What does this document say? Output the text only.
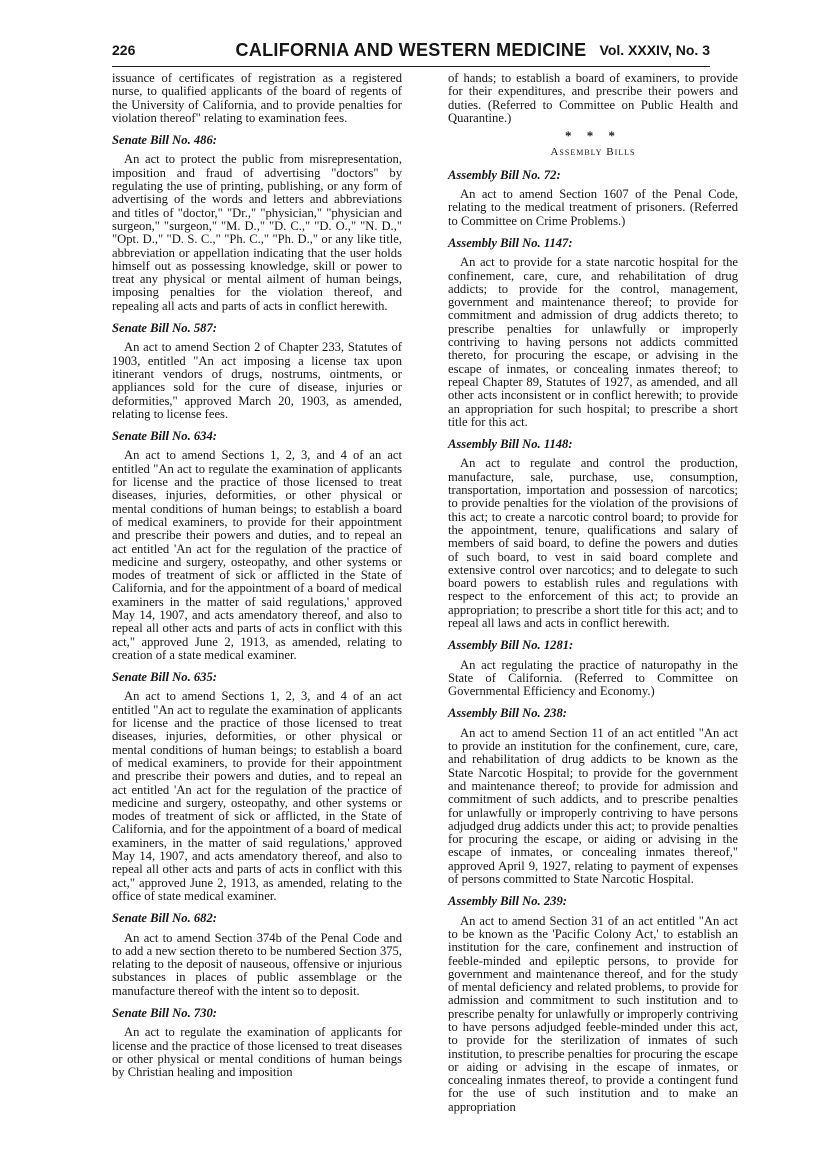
226	CALIFORNIA AND WESTERN MEDICINE Vol. XXXIV, No. 3

issuance of certificates of registration as a registered nurse, to qualified applicants of the board of regents of the University of California, and to provide penalties for violation thereof" relating to examination fees.

Senate Bill No. 486:

An act to protect the public from misrepresentation, imposition and fraud of advertising "doctors" by regulating the use of printing, publishing, or any form of advertising of the words and letters and abbreviations and titles of "doctor," "Dr.," "physician," "physician and surgeon," "surgeon," "M. D.," "D. C.," "D. O.," "N. D.," "Opt. D.," "D. S. C.," "Ph. C.," "Ph. D.," or any like title, abbreviation or appellation indicating that the user holds himself out as possessing knowledge, skill or power to treat any physical or mental ailment of human beings, imposing penalties for the violation thereof, and repealing all acts and parts of acts in conflict herewith.

Senate Bill No. 587:

An act to amend Section 2 of Chapter 233, Statutes of 1903, entitled "An act imposing a license tax upon itinerant vendors of drugs, nostrums, ointments, or appliances sold for the cure of disease, injuries or deformities," approved March 20, 1903, as amended, relating to license fees.

Senate Bill No. 634:

An act to amend Sections 1, 2, 3, and 4 of an act entitled "An act to regulate the examination of applicants for license and the practice of those licensed to treat diseases, injuries, deformities, or other physical or mental conditions of human beings; to establish a board of medical examiners, to provide for their appointment and prescribe their powers and duties, and to repeal an act entitled 'An act for the regulation of the practice of medicine and surgery, osteopathy, and other systems or modes of treatment of sick or afflicted in the State of California, and for the appointment of a board of medical examiners in the matter of said regulations,' approved May 14, 1907, and acts amendatory thereof, and also to repeal all other acts and parts of acts in conflict with this act," approved June 2, 1913, as amended, relating to creation of a state medical examiner.

Senate Bill No. 635:

An act to amend Sections 1, 2, 3, and 4 of an act entitled "An act to regulate the examination of applicants for license and the practice of those licensed to treat diseases, injuries, deformities, or other physical or mental conditions of human beings; to establish a board of medical examiners, to provide for their appointment and prescribe their powers and duties, and to repeal an act entitled 'An act for the regulation of the practice of medicine and surgery, osteopathy, and other systems or modes of treatment of sick or afflicted, in the State of California, and for the appointment of a board of medical examiners, in the matter of said regulations,' approved May 14, 1907, and acts amendatory thereof, and also to repeal all other acts and parts of acts in conflict with this act," approved June 2, 1913, as amended, relating to the office of state medical examiner.

Senate Bill No. 682:

An act to amend Section 374b of the Penal Code and to add a new section thereto to be numbered Section 375, relating to the deposit of nauseous, offensive or injurious substances in places of public assemblage or the manufacture thereof with the intent so to deposit.

Senate Bill No. 730:

An act to regulate the examination of applicants for license and the practice of those licensed to treat diseases or other physical or mental conditions of human beings by Christian healing and imposition

of hands; to establish a board of examiners, to provide for their expenditures, and prescribe their powers and duties. (Referred to Committee on Public Health and Quarantine.)

* * *
Assembly Bills
Assembly Bill No. 72:

An act to amend Section 1607 of the Penal Code, relating to the medical treatment of prisoners. (Referred to Committee on Crime Problems.)

Assembly Bill No. 1147:

An act to provide for a state narcotic hospital for the confinement, care, cure, and rehabilitation of drug addicts; to provide for the control, management, government and maintenance thereof; to provide for commitment and admission of drug addicts thereto; to prescribe penalties for unlawfully or improperly contriving to having persons not addicts committed thereto, for procuring the escape, or advising in the escape of inmates, or concealing inmates thereof; to repeal Chapter 89, Statutes of 1927, as amended, and all other acts inconsistent or in conflict herewith; to provide an appropriation for such hospital; to prescribe a short title for this act.

Assembly Bill No. 1148:

An act to regulate and control the production, manufacture, sale, purchase, use, consumption, transportation, importation and possession of narcotics; to provide penalties for the violation of the provisions of this act; to create a narcotic control board; to provide for the appointment, tenure, qualifications and salary of members of said board, to define the powers and duties of such board, to vest in said board complete and extensive control over narcotics; and to delegate to such board powers to establish rules and regulations with respect to the enforcement of this act; to provide an appropriation; to prescribe a short title for this act; and to repeal all laws and acts in conflict herewith.

Assembly Bill No. 1281:

An act regulating the practice of naturopathy in the State of California. (Referred to Committee on Governmental Efficiency and Economy.)

Assembly Bill No. 238:

An act to amend Section 11 of an act entitled "An act to provide an institution for the confinement, cure, care, and rehabilitation of drug addicts to be known as the State Narcotic Hospital; to provide for the government and maintenance thereof; to provide for admission and commitment of such addicts, and to prescribe penalties for unlawfully or improperly contriving to have persons adjudged drug addicts under this act; to provide penalties for procuring the escape, or aiding or advising in the escape of inmates, or concealing inmates thereof," approved April 9, 1927, relating to payment of expenses of persons committed to State Narcotic Hospital.

Assembly Bill No. 239:

An act to amend Section 31 of an act entitled "An act to be known as the 'Pacific Colony Act,' to establish an institution for the care, confinement and instruction of feeble-minded and epileptic persons, to provide for government and maintenance thereof, and for the study of mental deficiency and related problems, to provide for admission and commitment to such institution and to prescribe penalty for unlawfully or improperly contriving to have persons adjudged feeble-minded under this act, to provide for the sterilization of inmates of such institution, to prescribe penalties for procuring the escape or aiding or advising in the escape of inmates, or concealing inmates thereof, to provide a contingent fund for the use of such institution and to make an appropriation
